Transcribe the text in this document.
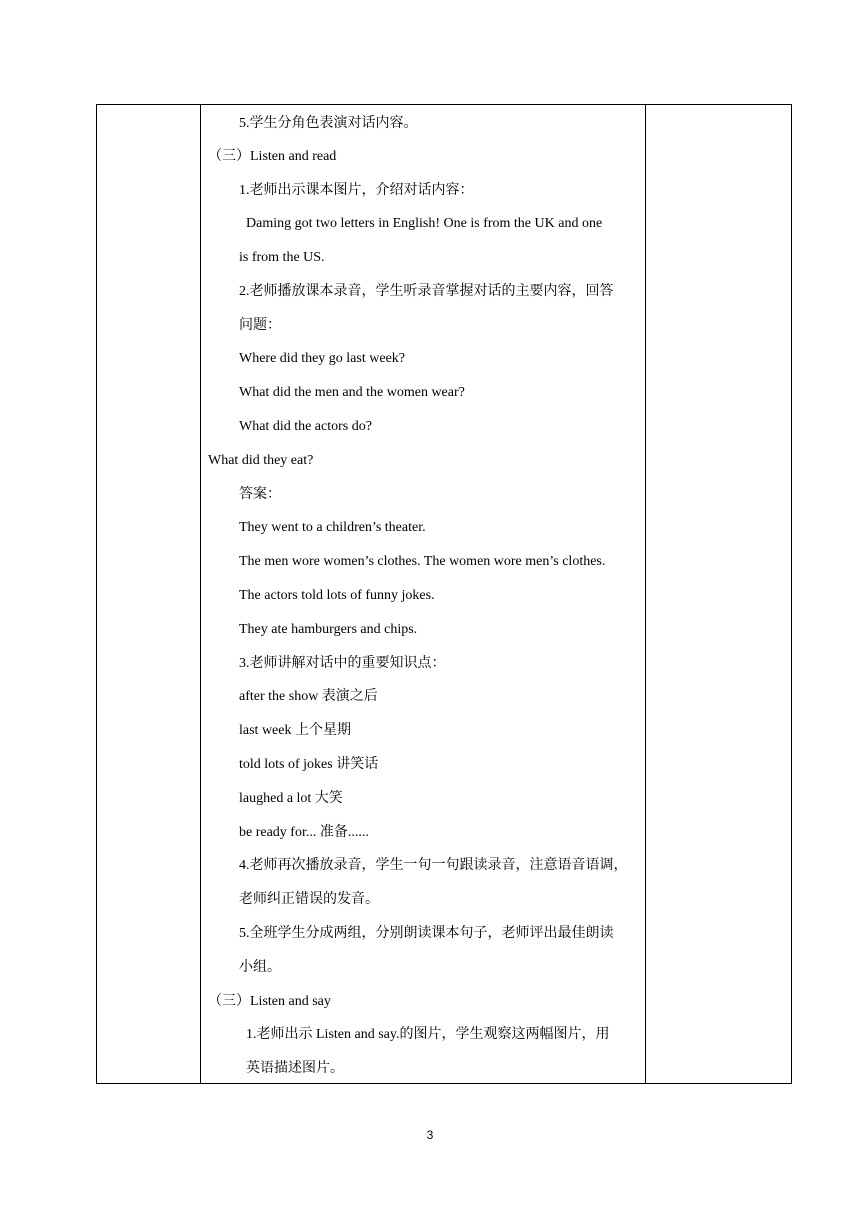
5.学生分角色表演对话内容。
（三）Listen and read
1.老师出示课本图片，介绍对话内容：
Daming got two letters in English! One is from the UK and one
is from the US.
2.老师播放课本录音，学生听录音掌握对话的主要内容，回答
问题：
Where did they go last week?
What did the men and the women wear?
What did the actors do?
What did they eat?
答案：
They went to a children’s theater.
The men wore women’s clothes. The women wore men’s clothes.
The actors told lots of funny jokes.
They ate hamburgers and chips.
3.老师讲解对话中的重要知识点：
after the show 表演之后
last week 上个星期
told lots of jokes 讲笑话
laughed a lot 大笑
be ready for... 准备......
4.老师再次播放录音，学生一句一句跟读录音，注意语音语调，
老师纠正错误的发音。
5.全班学生分成两组，分别朗读课本句子，老师评出最佳朗读
小组。
（三）Listen and say
1.老师出示 Listen and say.的图片，学生观察这两幅图片，用
英语描述图片。
3
